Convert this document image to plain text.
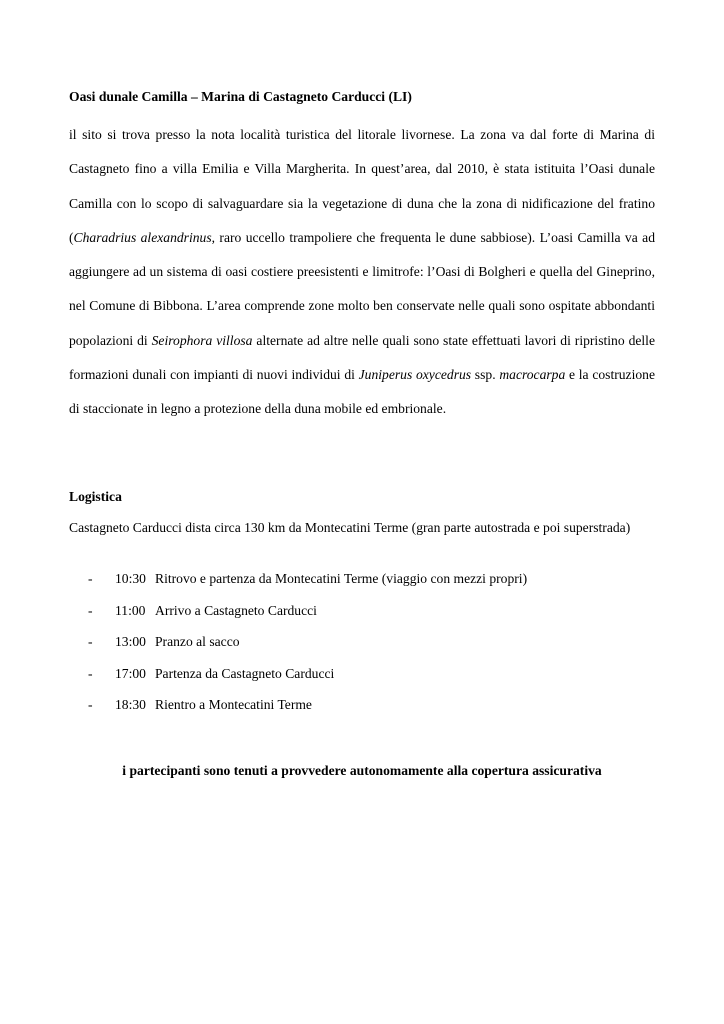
Oasi dunale Camilla – Marina di Castagneto Carducci (LI)

il sito si trova presso la nota località turistica del litorale livornese. La zona va dal forte di Marina di Castagneto fino a villa Emilia e Villa Margherita. In quest’area, dal 2010, è stata istituita l’Oasi dunale Camilla con lo scopo di salvaguardare sia la vegetazione di duna che la zona di nidificazione del fratino (Charadrius alexandrinus, raro uccello trampoliere che frequenta le dune sabbiose). L’oasi Camilla va ad aggiungere ad un sistema di oasi costiere preesistenti e limitrofe: l’Oasi di Bolgheri e quella del Gineprino, nel Comune di Bibbona. L’area comprende zone molto ben conservate nelle quali sono ospitate abbondanti popolazioni di Seirophora villosa alternate ad altre nelle quali sono state effettuati lavori di ripristino delle formazioni dunali con impianti di nuovi individui di Juniperus oxycedrus ssp. macrocarpa e la costruzione di staccionate in legno a protezione della duna mobile ed embrionale.

Logistica

Castagneto Carducci dista circa 130 km da Montecatini Terme (gran parte autostrada e poi superstrada)

- 10:30 Ritrovo e partenza da Montecatini Terme (viaggio con mezzi propri)
- 11:00 Arrivo a Castagneto Carducci
- 13:00 Pranzo al sacco
- 17:00 Partenza da Castagneto Carducci
- 18:30 Rientro a Montecatini Terme

i partecipanti sono tenuti a provvedere autonomamente alla copertura assicurativa
